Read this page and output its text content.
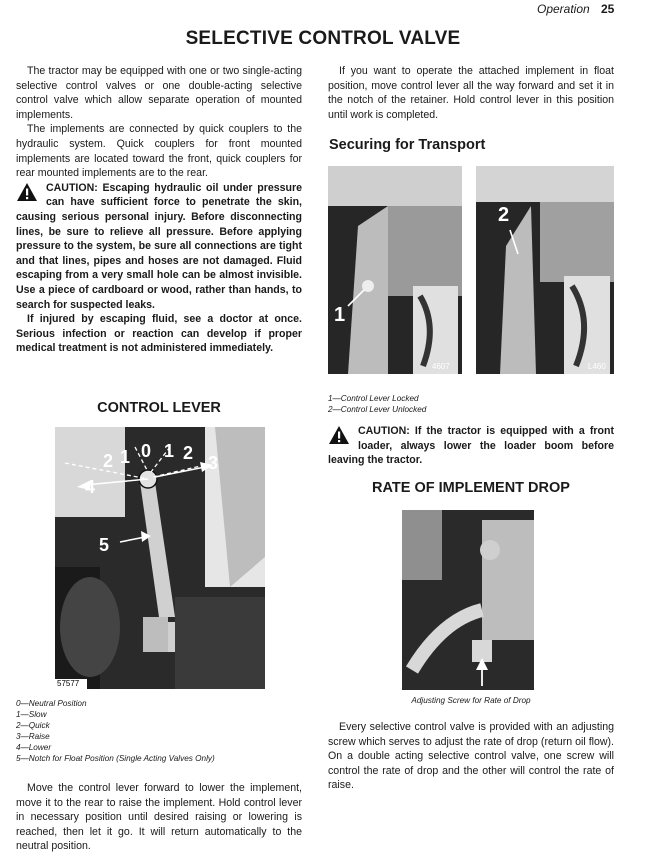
Operation 25
SELECTIVE CONTROL VALVE

The tractor may be equipped with one or two single-acting selective control valves or one double-acting selective control valve which allow separate operation of mounted implements.

The implements are connected by quick couplers to the hydraulic system. Quick couplers for front mounted implements are located toward the front, quick couplers for rear mounted implements are to the rear.

CAUTION: Escaping hydraulic oil under pressure can have sufficient force to penetrate the skin, causing serious personal injury. Before disconnecting lines, be sure to relieve all pressure. Before applying pressure to the system, be sure all connections are tight and that lines, pipes and hoses are not damaged. Fluid escaping from a very small hole can be almost invisible. Use a piece of cardboard or wood, rather than hands, to search for suspected leaks.

If injured by escaping fluid, see a doctor at once. Serious infection or reaction can develop if proper medical treatment is not administered immediately.

CONTROL LEVER
2 1 0 1 2 3
4
5
57577
0—Neutral Position
1—Slow
2—Quick
3—Raise
4—Lower
5—Notch for Float Position (Single Acting Valves Only)

Move the control lever forward to lower the implement, move it to the rear to raise the implement. Hold control lever in necessary position until desired raising or lowering is reached, then let it go. It will return automatically to the neutral position.

If you want to operate the attached implement in float position, move control lever all the way forward and set it in the notch of the retainer. Hold control lever in this position until work is completed.

Securing for Transport
1
4607
2
L460
1—Control Lever Locked
2—Control Lever Unlocked
CAUTION: If the tractor is equipped with a front loader, always lower the loader boom before leaving the tractor.
RATE OF IMPLEMENT DROP
Adjusting Screw for Rate of Drop

Every selective control valve is provided with an adjusting screw which serves to adjust the rate of drop (return oil flow). On a double acting selective control valve, one screw will control the rate of drop and the other will control the rate of raise.
